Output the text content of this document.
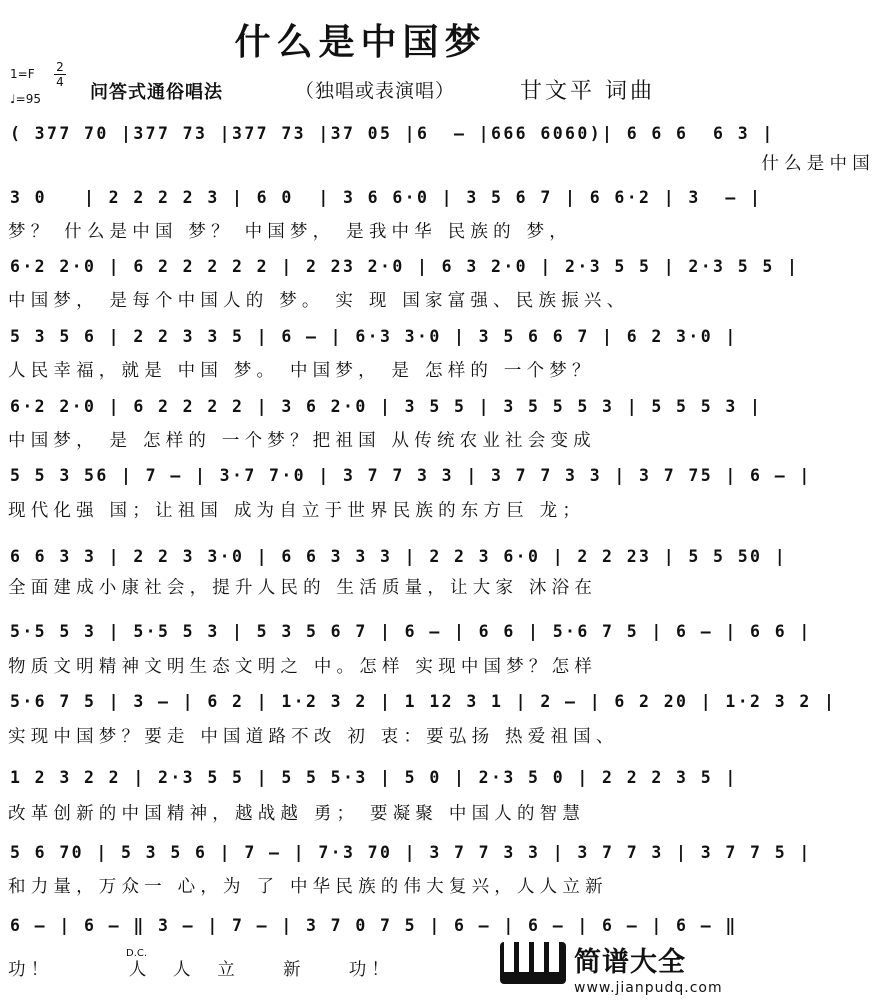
什么是中国梦
1=F 2
4
♩=95	问答式通俗唱法	（独唱或表演唱）	甘文平 词曲
( 377 70 |377 73 |377 73 |37 05 |6  – |666 6060)| 6 6 6  6 3 |
什么是中国
3 0   | 2 2 2 2 3 | 6 0  | 3 6 6·0 | 3 5 6 7 | 6 6·2 | 3  – |
梦？ 什么是中国 梦？ 中国梦， 是我中华 民族的 梦，
6·2 2·0 | 6 2 2 2 2 2 | 2 23 2·0 | 6 3 2·0 | 2·3 5 5 | 2·3 5 5 |
中国梦， 是每个中国人的 梦。 实 现 国家富强、民族振兴、
5 3 5 6 | 2 2 3 3 5 | 6 – | 6·3 3·0 | 3 5 6 6 7 | 6 2 3·0 |
人民幸福，就是 中国 梦。 中国梦， 是 怎样的 一个梦？
6·2 2·0 | 6 2 2 2 2 | 3 6 2·0 | 3 5 5 | 3 5 5 5 3 | 5 5 5 3 |
中国梦， 是 怎样的 一个梦？把祖国 从传统农业社会变成
5 5 3 56 | 7 – | 3·7 7·0 | 3 7 7 3 3 | 3 7 7 3 3 | 3 7 75 | 6 – |
现代化强 国；让祖国 成为自立于世界民族的东方巨 龙；
6 6 3 3 | 2 2 3 3·0 | 6 6 3 3 3 | 2 2 3 6·0 | 2 2 23 | 5 5 50 |
全面建成小康社会，提升人民的 生活质量，让大家 沐浴在
5·5 5 3 | 5·5 5 3 | 5 3 5 6 7 | 6 – | 6 6 | 5·6 7 5 | 6 – | 6 6 |
物质文明精神文明生态文明之 中。怎样 实现中国梦？怎样
5·6 7 5 | 3 – | 6 2 | 1·2 3 2 | 1 12 3 1 | 2 – | 6 2 20 | 1·2 3 2 |
实现中国梦？要走 中国道路不改 初 衷：要弘扬 热爱祖国、
1 2 3 2 2 | 2·3 5 5 | 5 5 5·3 | 5 0 | 2·3 5 0 | 2 2 2 3 5 |
改革创新的中国精神，越战越 勇； 要凝聚 中国人的智慧
5 6 70 | 5 3 5 6 | 7 – | 7·3 70 | 3 7 7 3 3 | 3 7 7 3 | 3 7 7 5 |
和力量，万众一 心，为 了 中华民族的伟大复兴，人人立新
6 – | 6 – ‖ 3 – | 7 – | 3 7 0 7 5 | 6 – | 6 – | 6 – | 6 – ‖
功！       人  人  立    新    功！
D.C.	简谱大全
www.jianpudq.com
